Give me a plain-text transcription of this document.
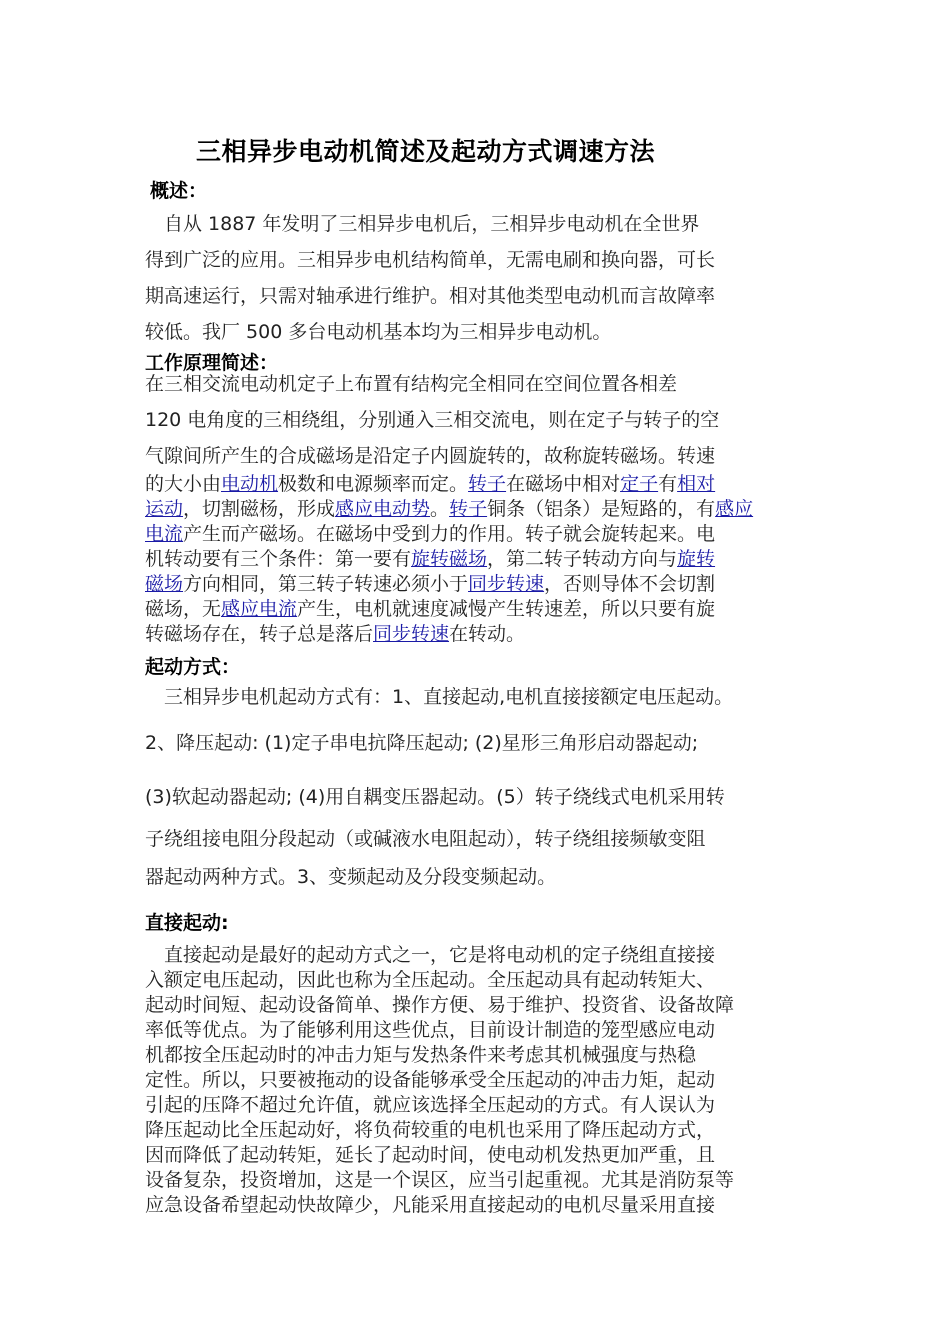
三相异步电动机简述及起动方式调速方法
概述：
　自从 1887 年发明了三相异步电机后，三相异步电动机在全世界
得到广泛的应用。三相异步电机结构简单，无需电刷和换向器，可长
期高速运行，只需对轴承进行维护。相对其他类型电动机而言故障率
较低。我厂 500 多台电动机基本均为三相异步电动机。
工作原理简述：
在三相交流电动机定子上布置有结构完全相同在空间位置各相差
120 电角度的三相绕组，分别通入三相交流电，则在定子与转子的空
气隙间所产生的合成磁场是沿定子内圆旋转的，故称旋转磁场。转速
的大小由电动机极数和电源频率而定。转子在磁场中相对定子有相对
运动，切割磁杨，形成感应电动势。转子铜条（铝条）是短路的，有感应
电流产生而产磁场。在磁场中受到力的作用。转子就会旋转起来。电
机转动要有三个条件：第一要有旋转磁场，第二转子转动方向与旋转
磁场方向相同，第三转子转速必须小于同步转速，否则导体不会切割
磁场，无感应电流产生，电机就速度减慢产生转速差，所以只要有旋
转磁场存在，转子总是落后同步转速在转动。
起动方式：
　三相异步电机起动方式有：1、直接起动,电机直接接额定电压起动。
2、降压起动: (1)定子串电抗降压起动; (2)星形三角形启动器起动;
(3)软起动器起动; (4)用自耦变压器起动。(5）转子绕线式电机采用转
子绕组接电阻分段起动（或碱液水电阻起动），转子绕组接频敏变阻
器起动两种方式。3、变频起动及分段变频起动。
直接起动:
　直接起动是最好的起动方式之一，它是将电动机的定子绕组直接接
入额定电压起动，因此也称为全压起动。全压起动具有起动转矩大、
起动时间短、起动设备简单、操作方便、易于维护、投资省、设备故障
率低等优点。为了能够利用这些优点，目前设计制造的笼型感应电动
机都按全压起动时的冲击力矩与发热条件来考虑其机械强度与热稳
定性。所以，只要被拖动的设备能够承受全压起动的冲击力矩，起动
引起的压降不超过允许值，就应该选择全压起动的方式。有人误认为
降压起动比全压起动好，将负荷较重的电机也采用了降压起动方式，
因而降低了起动转矩，延长了起动时间，使电动机发热更加严重，且
设备复杂，投资增加，这是一个误区，应当引起重视。尤其是消防泵等
应急设备希望起动快故障少，凡能采用直接起动的电机尽量采用直接
